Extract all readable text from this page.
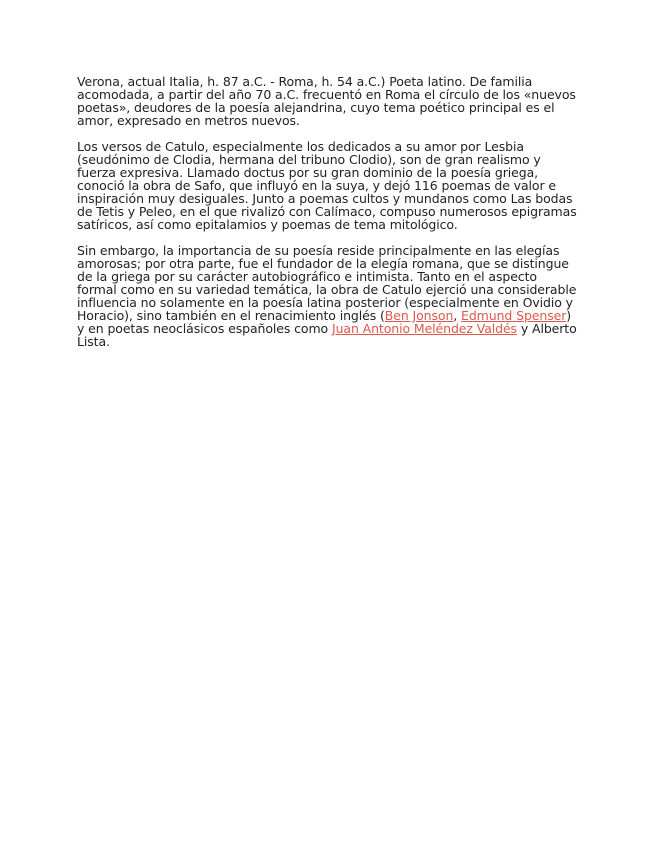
Verona, actual Italia, h. 87 a.C. - Roma, h. 54 a.C.) Poeta latino. De familia acomodada, a partir del año 70 a.C. frecuentó en Roma el círculo de los «nuevos poetas», deudores de la poesía alejandrina, cuyo tema poético principal es el amor, expresado en metros nuevos.

Los versos de Catulo, especialmente los dedicados a su amor por Lesbia (seudónimo de Clodia, hermana del tribuno Clodio), son de gran realismo y fuerza expresiva. Llamado doctus por su gran dominio de la poesía griega, conoció la obra de Safo, que influyó en la suya, y dejó 116 poemas de valor e inspiración muy desiguales. Junto a poemas cultos y mundanos como Las bodas de Tetis y Peleo, en el que rivalizó con Calímaco, compuso numerosos epigramas satíricos, así como epitalamios y poemas de tema mitológico.

Sin embargo, la importancia de su poesía reside principalmente en las elegías amorosas; por otra parte, fue el fundador de la elegía romana, que se distingue de la griega por su carácter autobiográfico e intimista. Tanto en el aspecto formal como en su variedad temática, la obra de Catulo ejerció una considerable influencia no solamente en la poesía latina posterior (especialmente en Ovidio y Horacio), sino también en el renacimiento inglés (Ben Jonson, Edmund Spenser) y en poetas neoclásicos españoles como Juan Antonio Meléndez Valdés y Alberto Lista.
